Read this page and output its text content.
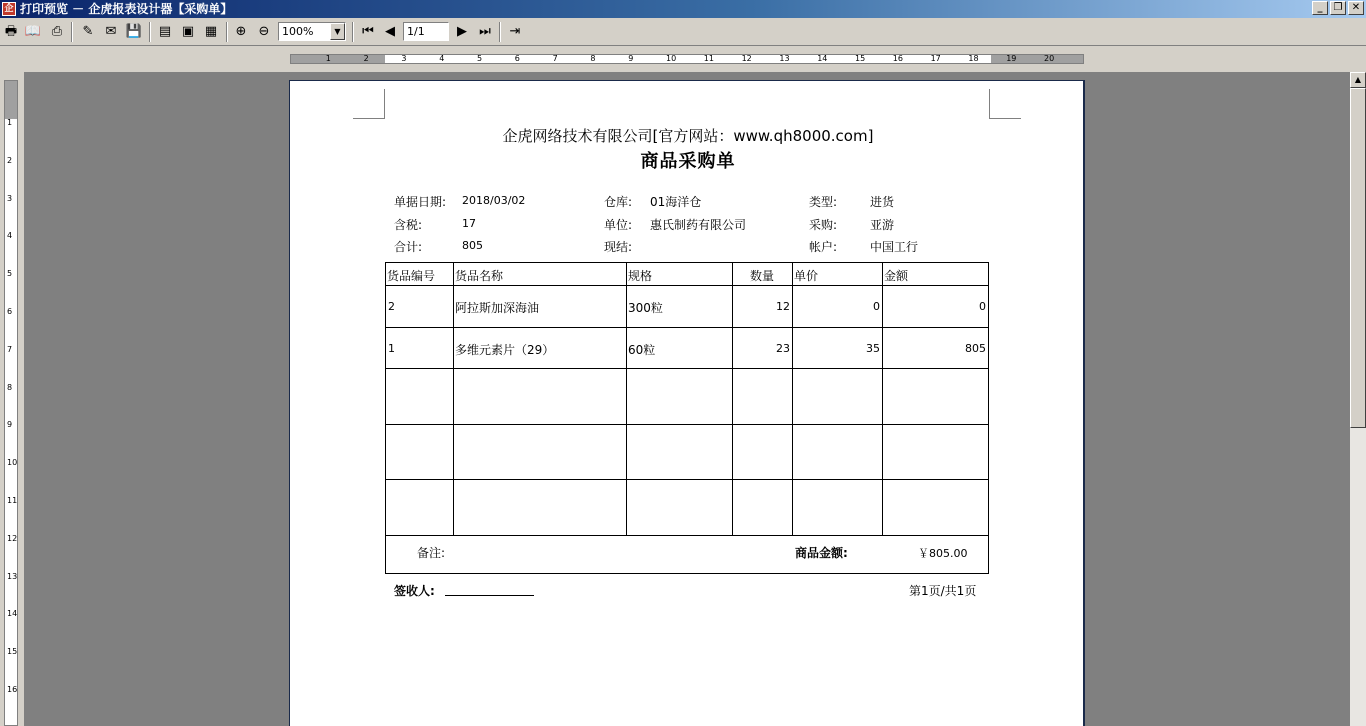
企 打印预览 － 企虎报表设计器【采购单】	_	❐ ✕
🖶 📖 ⎙	✎ ✉ 💾 ▤ ▣ ▦	⊕ ⊖	100%	▼	⏮ ◀	1/1	▶ ⏭	⇥
1	2	3	4	5	6	7	8	9	10	11	12	13	14	15	16	17	18	19	20
1
2
3
4
5
6
7
8
9
10
11
12
13
14
15
16
企虎网络技术有限公司[官方网站：www.qh8000.com]
商品采购单
单据日期: 2018/03/02	仓库: 01海洋仓	类型:	进货
含税:	17	单位: 惠氏制药有限公司	采购:	亚游
合计:	805	现结:	帐户:	中国工行
货品编号 货品名称	规格	数量 单价	金额
2	阿拉斯加深海油	300粒	12	0	0
1	多维元素片（29）	60粒	23	35	805
备注:	商品金额:	￥805.00
签收人:	第1页/共1页
▲
